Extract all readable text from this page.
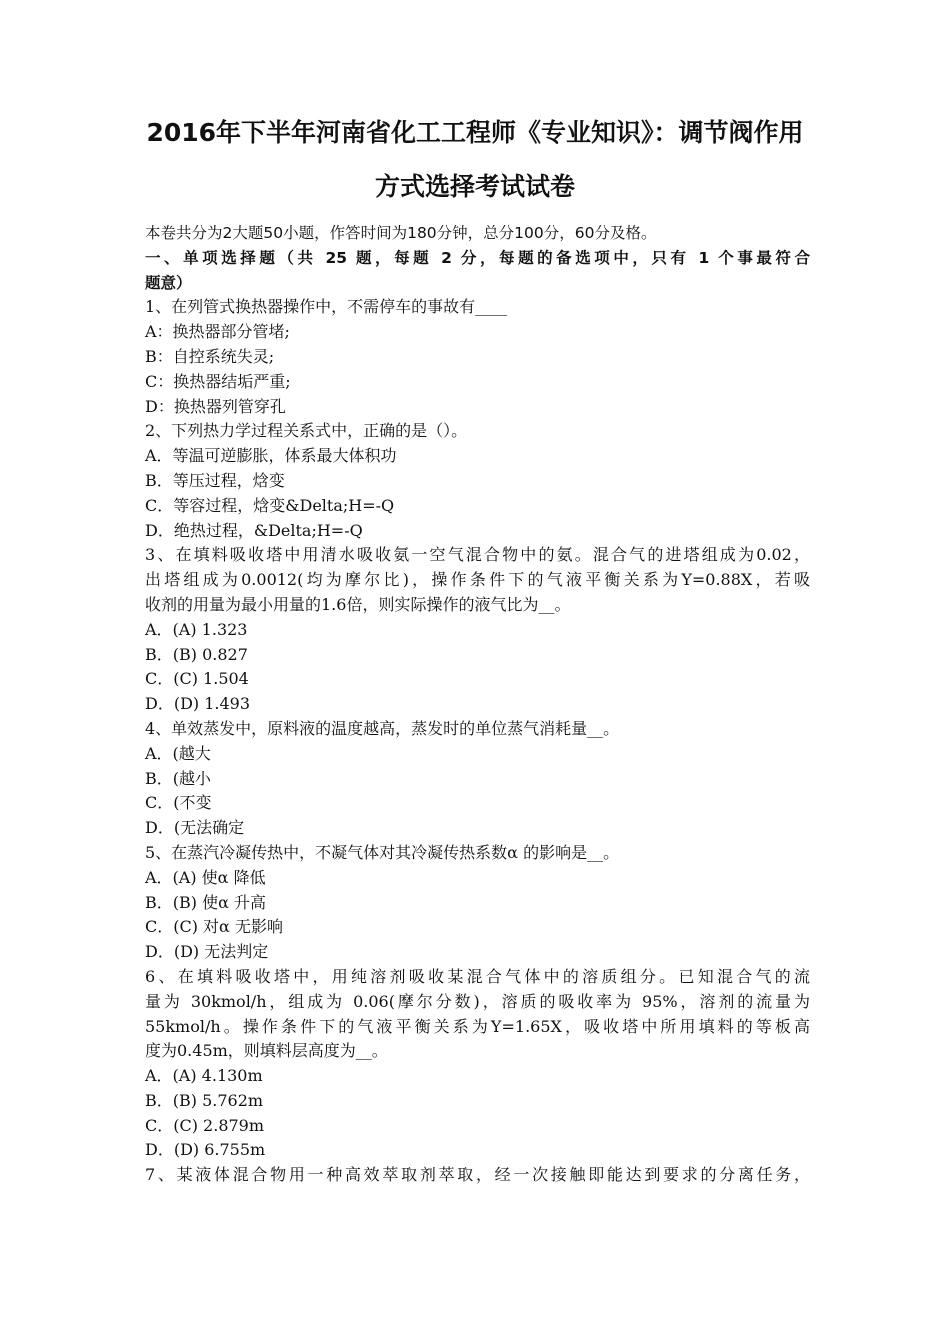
2016年下半年河南省化工工程师《专业知识》：调节阀作用
方式选择考试试卷
本卷共分为2大题50小题，作答时间为180分钟，总分100分，60分及格。
一、单项选择题（共 25 题，每题 2 分，每题的备选项中，只有 1 个事最符合
题意）
1、在列管式换热器操作中，不需停车的事故有____
A：换热器部分管堵;
B：自控系统失灵;
C：换热器结垢严重;
D：换热器列管穿孔
2、下列热力学过程关系式中，正确的是（）。
A．等温可逆膨胀，体系最大体积功
B．等压过程，焓变
C．等容过程，焓变&Delta;H=-Q
D．绝热过程，&Delta;H=-Q
3、在填料吸收塔中用清水吸收氨一空气混合物中的氨。混合气的进塔组成为0.02，
出塔组成为0.0012(均为摩尔比)，操作条件下的气液平衡关系为Y=0.88X，若吸
收剂的用量为最小用量的1.6倍，则实际操作的液气比为__。
A．(A) 1.323
B．(B) 0.827
C．(C) 1.504
D．(D) 1.493
4、单效蒸发中，原料液的温度越高，蒸发时的单位蒸气消耗量__。
A．(越大
B．(越小
C．(不变
D．(无法确定
5、在蒸汽冷凝传热中，不凝气体对其冷凝传热系数α 的影响是__。
A．(A) 使α 降低
B．(B) 使α 升高
C．(C) 对α 无影响
D．(D) 无法判定
6、在填料吸收塔中，用纯溶剂吸收某混合气体中的溶质组分。已知混合气的流
量为 30kmol/h，组成为 0.06(摩尔分数)，溶质的吸收率为 95%，溶剂的流量为
55kmol/h。操作条件下的气液平衡关系为Y=1.65X，吸收塔中所用填料的等板高
度为0.45m，则填料层高度为__。
A．(A) 4.130m
B．(B) 5.762m
C．(C) 2.879m
D．(D) 6.755m
7、某液体混合物用一种高效萃取剂萃取，经一次接触即能达到要求的分离任务，
